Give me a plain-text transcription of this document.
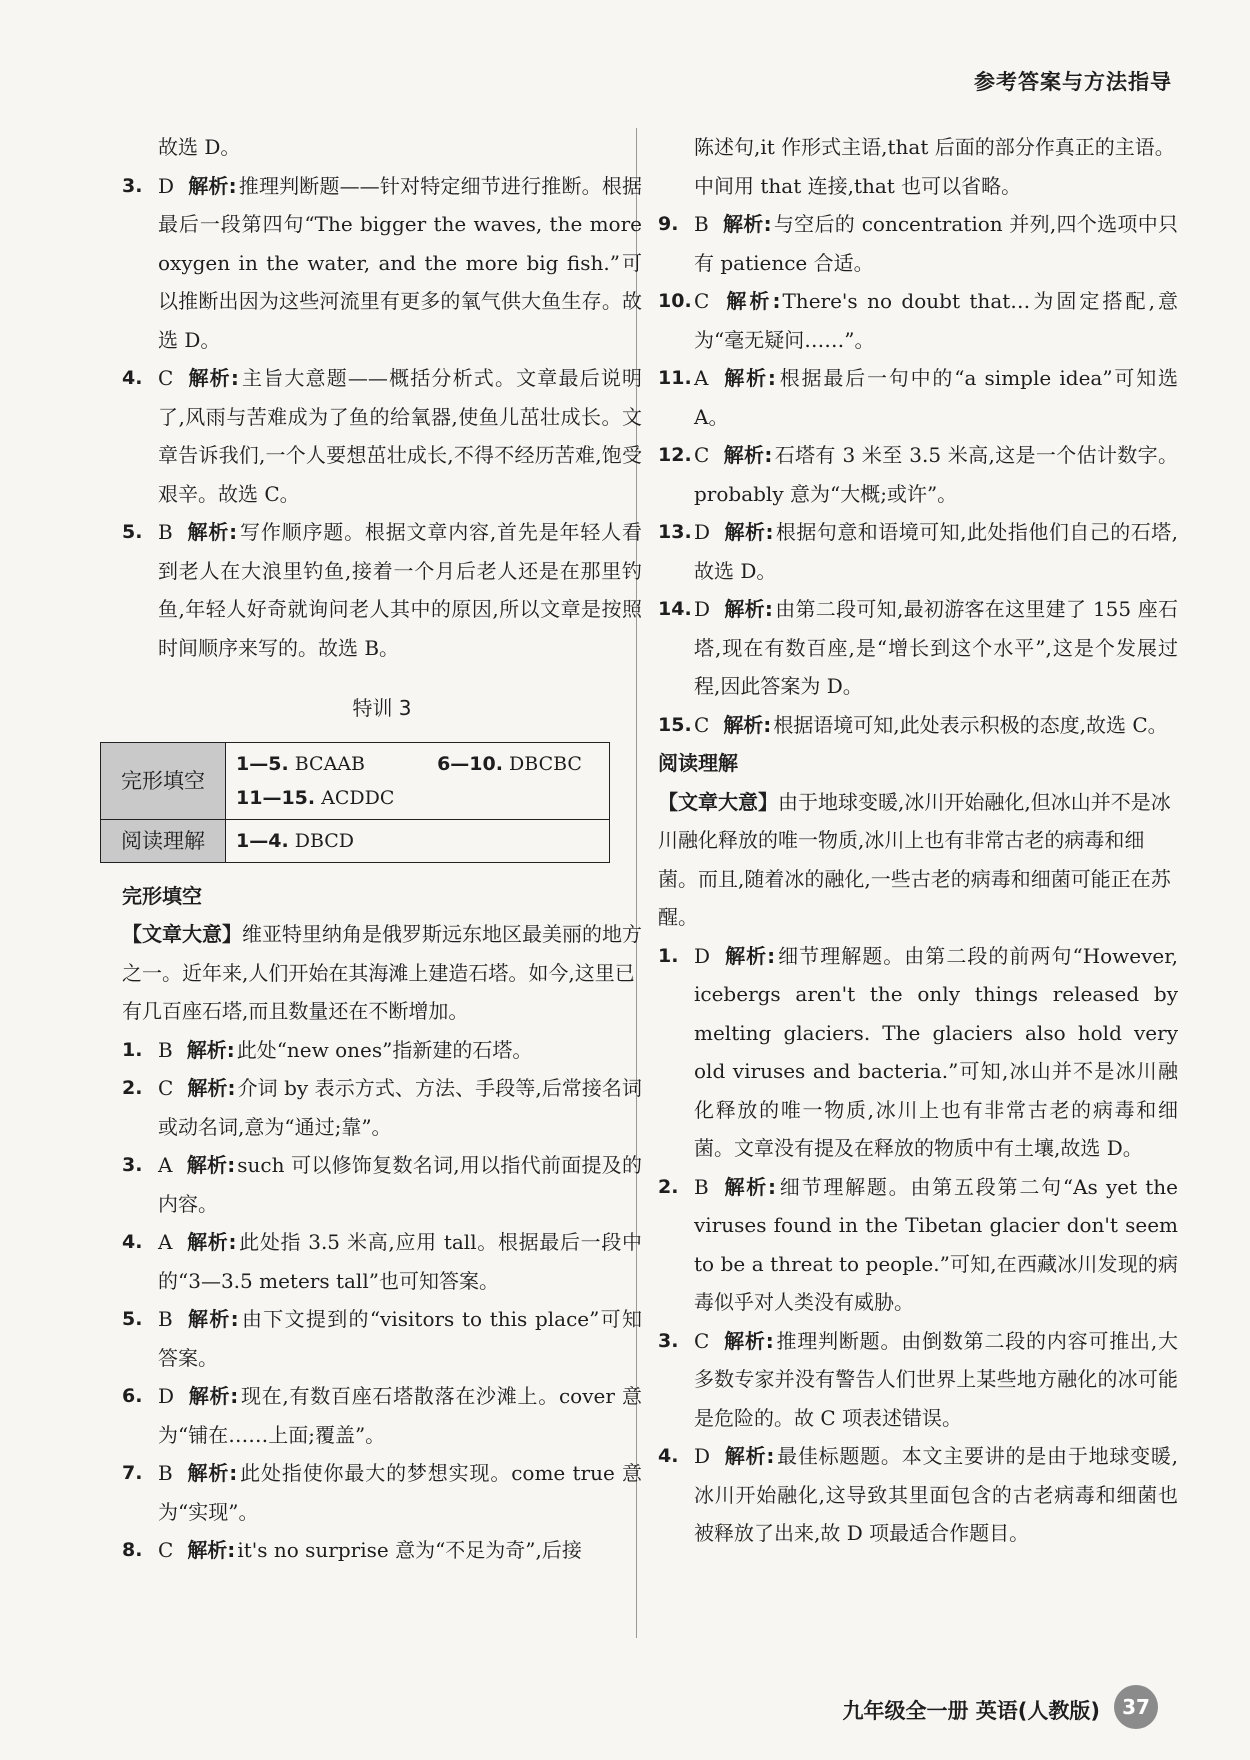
参考答案与方法指导
故选 D。
3. D 解析: 推理判断题——针对特定细节进行推断。根据最后一段第四句“The bigger the waves, the more oxygen in the water, and the more big fish.”可以推断出因为这些河流里有更多的氧气供大鱼生存。故选 D。
4. C 解析: 主旨大意题——概括分析式。文章最后说明了,风雨与苦难成为了鱼的给氧器,使鱼儿茁壮成长。文章告诉我们,一个人要想茁壮成长,不得不经历苦难,饱受艰辛。故选 C。
5. B 解析: 写作顺序题。根据文章内容,首先是年轻人看到老人在大浪里钓鱼,接着一个月后老人还是在那里钓鱼,年轻人好奇就询问老人其中的原因,所以文章是按照时间顺序来写的。故选 B。
特训 3
完形填空	1—5. BCAAB 6—10. DBCBC
11—15. ACDDC
阅读理解	1—4. DBCD
完形填空
【文章大意】维亚特里纳角是俄罗斯远东地区最美丽的地方之一。近年来,人们开始在其海滩上建造石塔。如今,这里已有几百座石塔,而且数量还在不断增加。
1. B 解析: 此处“new ones”指新建的石塔。
2. C 解析: 介词 by 表示方式、方法、手段等,后常接名词或动名词,意为“通过;靠”。
3. A 解析: such 可以修饰复数名词,用以指代前面提及的内容。
4. A 解析: 此处指 3.5 米高,应用 tall。根据最后一段中的“3—3.5 meters tall”也可知答案。
5. B 解析: 由下文提到的“visitors to this place”可知答案。
6. D 解析: 现在,有数百座石塔散落在沙滩上。cover 意为“铺在……上面;覆盖”。
7. B 解析: 此处指使你最大的梦想实现。come true 意为“实现”。
8. C 解析: it's no surprise 意为“不足为奇”,后接
陈述句,it 作形式主语,that 后面的部分作真正的主语。中间用 that 连接,that 也可以省略。
9. B 解析: 与空后的 concentration 并列,四个选项中只有 patience 合适。
10. C 解析: There's no doubt that…为固定搭配,意为“毫无疑问……”。
11. A 解析: 根据最后一句中的“a simple idea”可知选 A。
12. C 解析: 石塔有 3 米至 3.5 米高,这是一个估计数字。probably 意为“大概;或许”。
13. D 解析: 根据句意和语境可知,此处指他们自己的石塔,故选 D。
14. D 解析: 由第二段可知,最初游客在这里建了 155 座石塔,现在有数百座,是“增长到这个水平”,这是个发展过程,因此答案为 D。
15. C 解析: 根据语境可知,此处表示积极的态度,故选 C。
阅读理解
【文章大意】由于地球变暖,冰川开始融化,但冰山并不是冰川融化释放的唯一物质,冰川上也有非常古老的病毒和细菌。而且,随着冰的融化,一些古老的病毒和细菌可能正在苏醒。
1. D 解析: 细节理解题。由第二段的前两句“However, icebergs aren't the only things released by melting glaciers. The glaciers also hold very old viruses and bacteria.”可知,冰山并不是冰川融化释放的唯一物质,冰川上也有非常古老的病毒和细菌。文章没有提及在释放的物质中有土壤,故选 D。
2. B 解析: 细节理解题。由第五段第二句“As yet the viruses found in the Tibetan glacier don't seem to be a threat to people.”可知,在西藏冰川发现的病毒似乎对人类没有威胁。
3. C 解析: 推理判断题。由倒数第二段的内容可推出,大多数专家并没有警告人们世界上某些地方融化的冰可能是危险的。故 C 项表述错误。
4. D 解析: 最佳标题题。本文主要讲的是由于地球变暖,冰川开始融化,这导致其里面包含的古老病毒和细菌也被释放了出来,故 D 项最适合作题目。
九年级全一册 英语(人教版)	37
